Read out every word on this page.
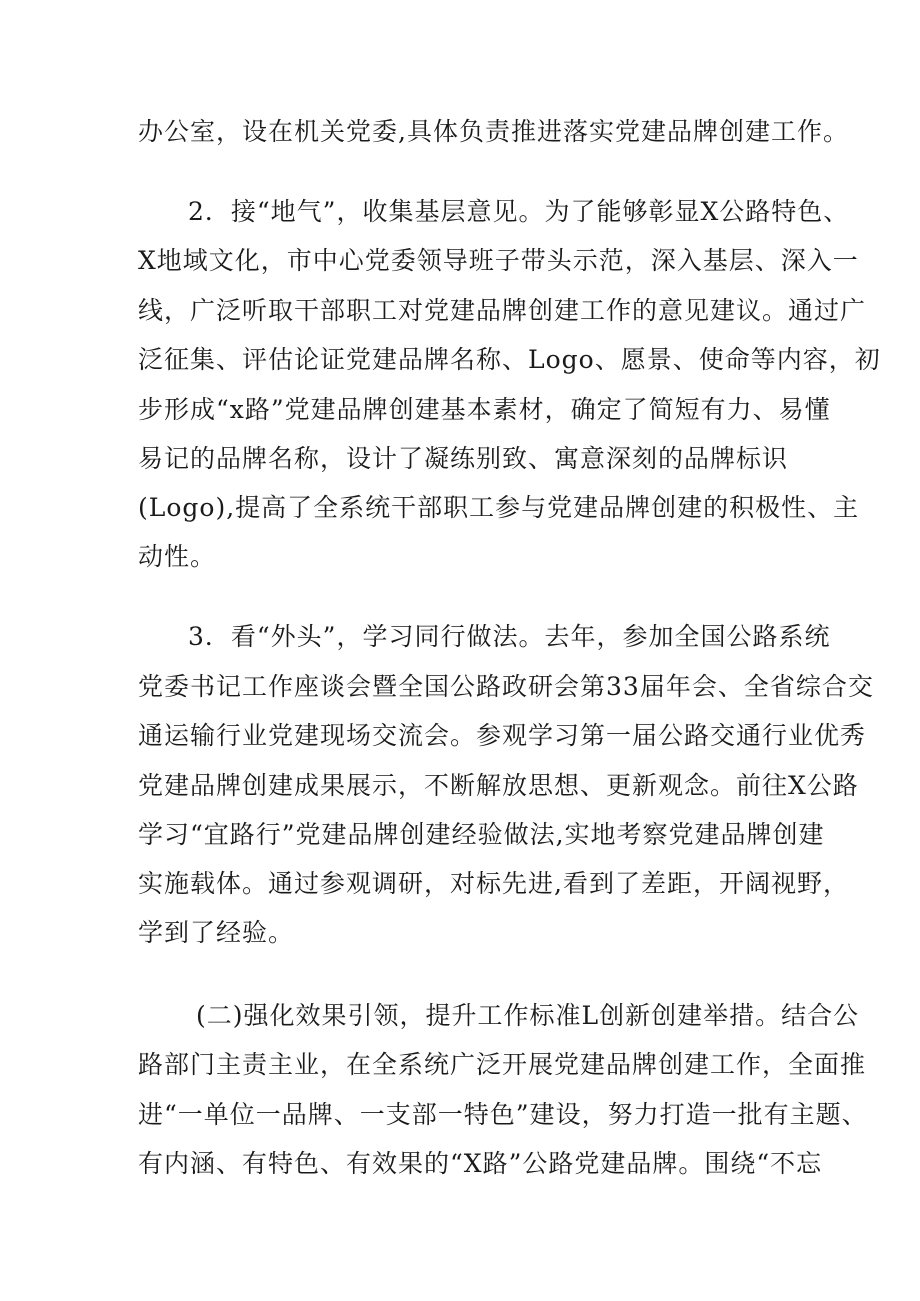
办公室，设在机关党委,具体负责推进落实党建品牌创建工作。
2．接“地气”，收集基层意见。为了能够彰显X公路特色、
X地域文化，市中心党委领导班子带头示范，深入基层、深入一
线，广泛听取干部职工对党建品牌创建工作的意见建议。通过广
泛征集、评估论证党建品牌名称、Logo、愿景、使命等内容，初
步形成“x路”党建品牌创建基本素材，确定了简短有力、易懂
易记的品牌名称，设计了凝练别致、寓意深刻的品牌标识
(Logo),提高了全系统干部职工参与党建品牌创建的积极性、主
动性。
3．看“外头”，学习同行做法。去年，参加全国公路系统
党委书记工作座谈会暨全国公路政研会第33届年会、全省综合交
通运输行业党建现场交流会。参观学习第一届公路交通行业优秀
党建品牌创建成果展示，不断解放思想、更新观念。前往X公路
学习“宜路行”党建品牌创建经验做法,实地考察党建品牌创建
实施载体。通过参观调研，对标先进,看到了差距，开阔视野，
学到了经验。
(二)强化效果引领，提升工作标准L创新创建举措。结合公
路部门主责主业，在全系统广泛开展党建品牌创建工作，全面推
进“一单位一品牌、一支部一特色”建设，努力打造一批有主题、
有内涵、有特色、有效果的“X路”公路党建品牌。围绕“不忘
